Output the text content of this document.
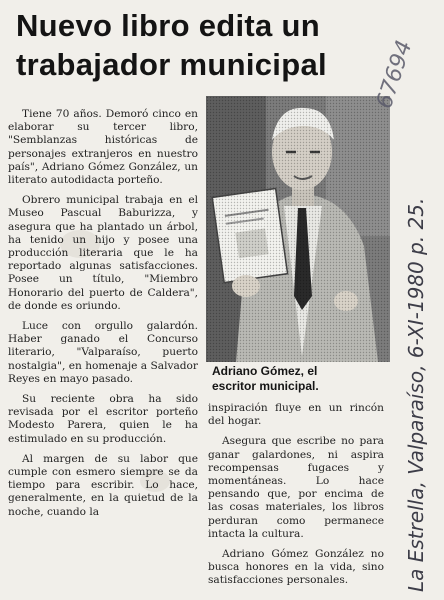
Nuevo libro edita un
trabajador municipal

Tiene 70 años. Demoró cinco en elaborar su tercer libro, "Semblanzas históricas de personajes extranjeros en nuestro país", Adriano Gómez González, un literato autodidacta porteño.

Obrero municipal trabaja en el Museo Pascual Baburizza, y asegura que ha plantado un árbol, ha tenido un hijo y posee una producción literaria que le ha reportado algunas satisfacciones. Posee un título, "Miembro Honorario del puerto de Caldera", de donde es oriundo.

Luce con orgullo galardón. Haber ganado el Concurso literario, "Valparaíso, puerto nostalgia", en homenaje a Salvador Reyes en mayo pasado.

Su reciente obra ha sido revisada por el escritor porteño Modesto Parera, quien le ha estimulado en su producción.

Al margen de su labor que cumple con esmero siempre se da tiempo para escribir. Lo hace, generalmente, en la quietud de la noche, cuando la

Adriano Gómez, el
escritor municipal.

inspiración fluye en un rincón del hogar.

Asegura que escribe no para ganar galardones, ni aspira recompensas fugaces y momentáneas. Lo hace pensando que, por encima de las cosas materiales, los libros perduran como permanece intacta la cultura.

Adriano Gómez González no busca honores en la vida, sino satisfacciones personales.

67694
La Estrella, Valparaíso, 6-XI-1980 p. 25.
